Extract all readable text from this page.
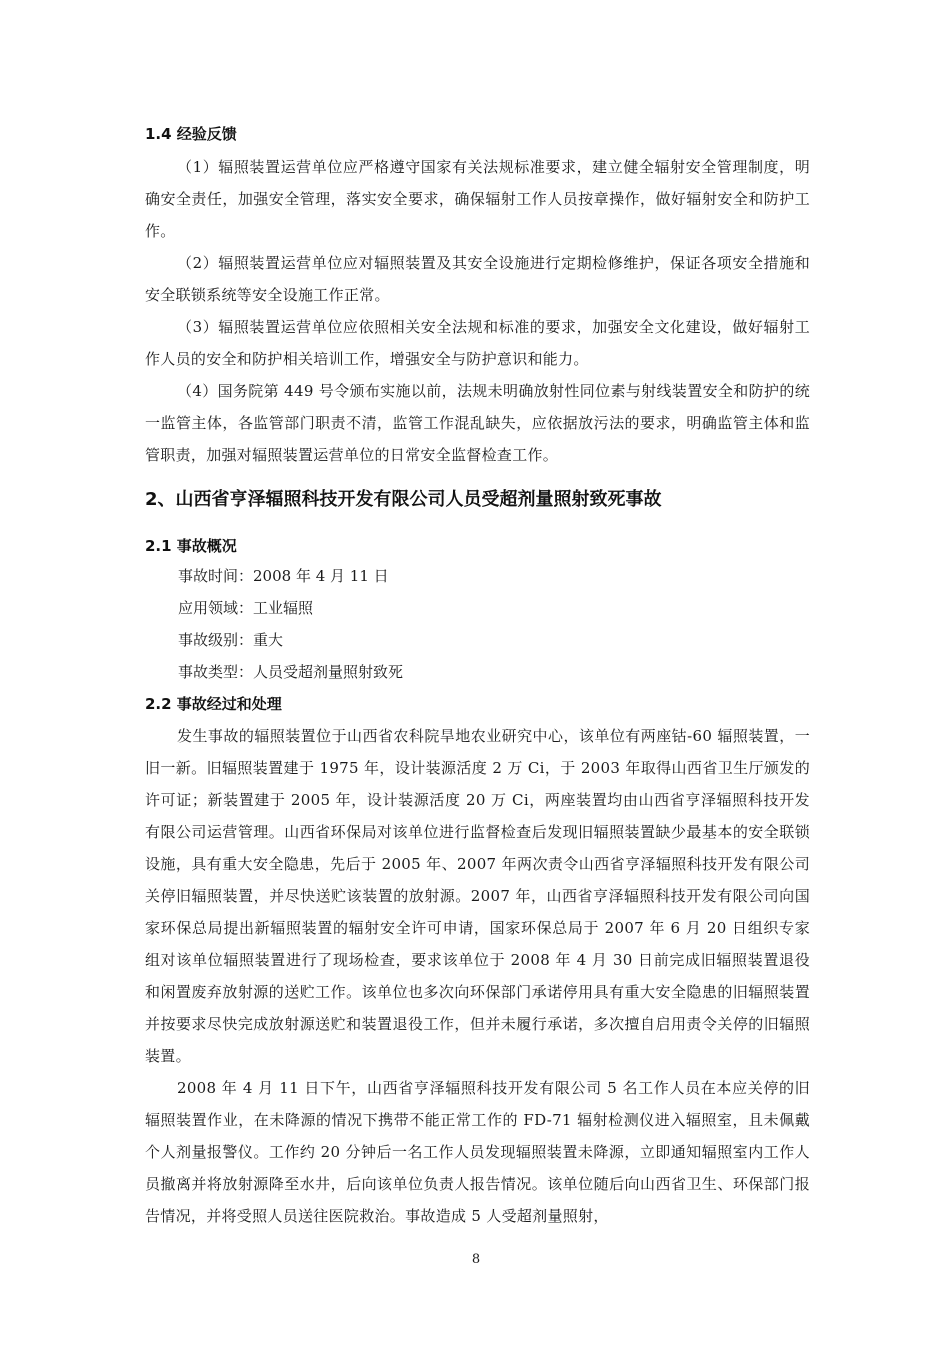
1.4 经验反馈

（1）辐照装置运营单位应严格遵守国家有关法规标准要求，建立健全辐射安全管理制度，明确安全责任，加强安全管理，落实安全要求，确保辐射工作人员按章操作，做好辐射安全和防护工作。

（2）辐照装置运营单位应对辐照装置及其安全设施进行定期检修维护，保证各项安全措施和安全联锁系统等安全设施工作正常。

（3）辐照装置运营单位应依照相关安全法规和标准的要求，加强安全文化建设，做好辐射工作人员的安全和防护相关培训工作，增强安全与防护意识和能力。

（4）国务院第 449 号令颁布实施以前，法规未明确放射性同位素与射线装置安全和防护的统一监管主体，各监管部门职责不清，监管工作混乱缺失，应依据放污法的要求，明确监管主体和监管职责，加强对辐照装置运营单位的日常安全监督检查工作。

2、山西省亨泽辐照科技开发有限公司人员受超剂量照射致死事故
2.1 事故概况

事故时间：2008 年 4 月 11 日

应用领域：工业辐照

事故级别：重大

事故类型：人员受超剂量照射致死

2.2 事故经过和处理

发生事故的辐照装置位于山西省农科院旱地农业研究中心，该单位有两座钴-60 辐照装置，一旧一新。旧辐照装置建于 1975 年，设计装源活度 2 万 Ci，于 2003 年取得山西省卫生厅颁发的许可证；新装置建于 2005 年，设计装源活度 20 万 Ci，两座装置均由山西省亨泽辐照科技开发有限公司运营管理。山西省环保局对该单位进行监督检查后发现旧辐照装置缺少最基本的安全联锁设施，具有重大安全隐患，先后于 2005 年、2007 年两次责令山西省亨泽辐照科技开发有限公司关停旧辐照装置，并尽快送贮该装置的放射源。2007 年，山西省亨泽辐照科技开发有限公司向国家环保总局提出新辐照装置的辐射安全许可申请，国家环保总局于 2007 年 6 月 20 日组织专家组对该单位辐照装置进行了现场检查，要求该单位于 2008 年 4 月 30 日前完成旧辐照装置退役和闲置废弃放射源的送贮工作。该单位也多次向环保部门承诺停用具有重大安全隐患的旧辐照装置并按要求尽快完成放射源送贮和装置退役工作，但并未履行承诺，多次擅自启用责令关停的旧辐照装置。

2008 年 4 月 11 日下午，山西省亨泽辐照科技开发有限公司 5 名工作人员在本应关停的旧辐照装置作业，在未降源的情况下携带不能正常工作的 FD-71 辐射检测仪进入辐照室，且未佩戴个人剂量报警仪。工作约 20 分钟后一名工作人员发现辐照装置未降源，立即通知辐照室内工作人员撤离并将放射源降至水井，后向该单位负责人报告情况。该单位随后向山西省卫生、环保部门报告情况，并将受照人员送往医院救治。事故造成 5 人受超剂量照射，

8
